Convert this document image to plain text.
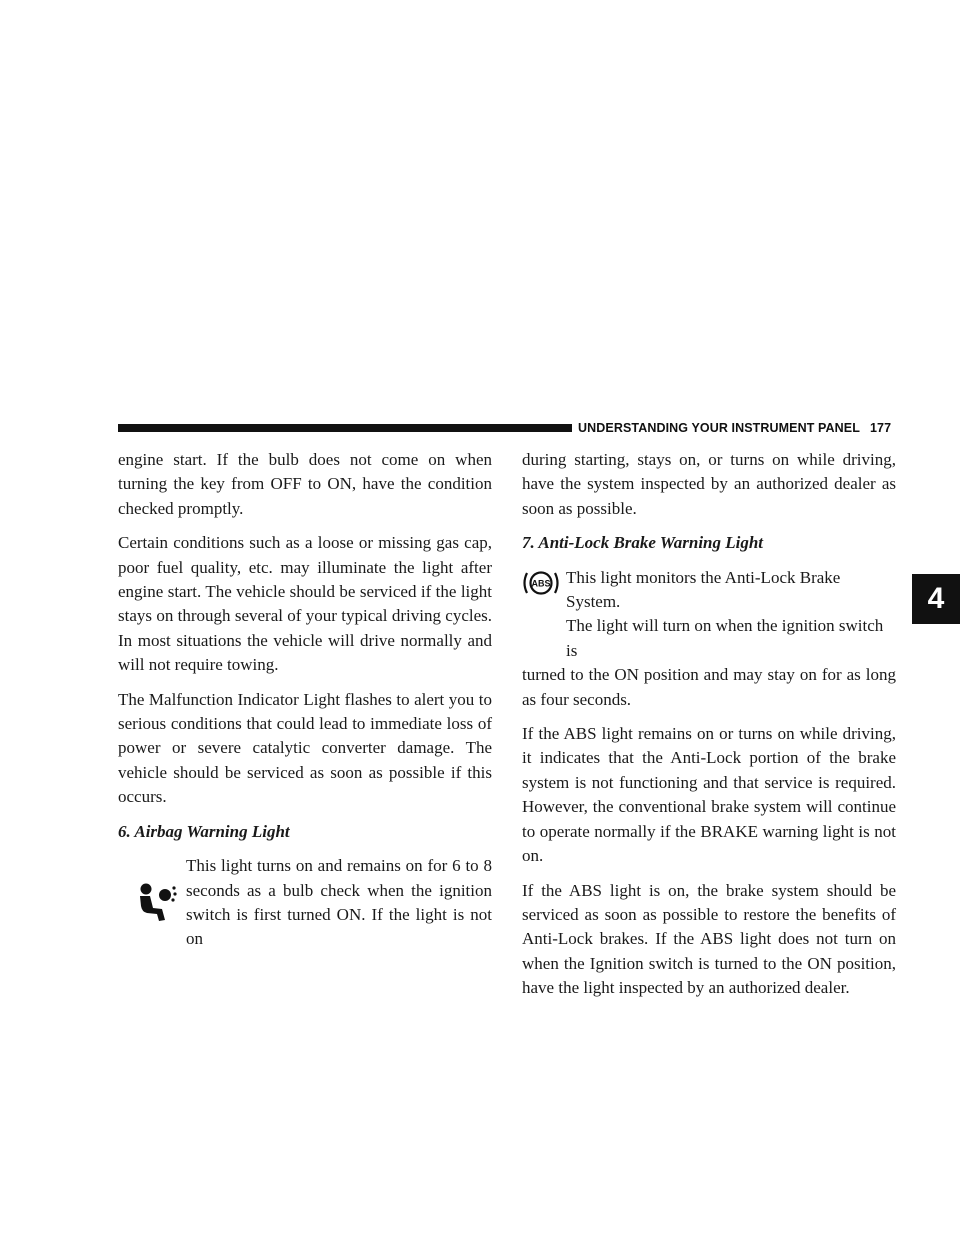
UNDERSTANDING YOUR INSTRUMENT PANEL 177
4

engine start. If the bulb does not come on when turning the key from OFF to ON, have the condition checked promptly.

Certain conditions such as a loose or missing gas cap, poor fuel quality, etc. may illuminate the light after engine start. The vehicle should be serviced if the light stays on through several of your typical driving cycles. In most situations the vehicle will drive normally and will not require towing.

The Malfunction Indicator Light flashes to alert you to serious conditions that could lead to immediate loss of power or severe catalytic converter damage. The vehicle should be serviced as soon as possible if this occurs.

6. Airbag Warning Light

This light turns on and remains on for 6 to 8 seconds as a bulb check when the ignition switch is first turned ON. If the light is not on

during starting, stays on, or turns on while driving, have the system inspected by an authorized dealer as soon as possible.

7. Anti-Lock Brake Warning Light

ABS This light monitors the Anti-Lock Brake System.
The light will turn on when the ignition switch is

turned to the ON position and may stay on for as long as four seconds.

If the ABS light remains on or turns on while driving, it indicates that the Anti-Lock portion of the brake system is not functioning and that service is required. However, the conventional brake system will continue to operate normally if the BRAKE warning light is not on.

If the ABS light is on, the brake system should be serviced as soon as possible to restore the benefits of Anti-Lock brakes. If the ABS light does not turn on when the Ignition switch is turned to the ON position, have the light inspected by an authorized dealer.
